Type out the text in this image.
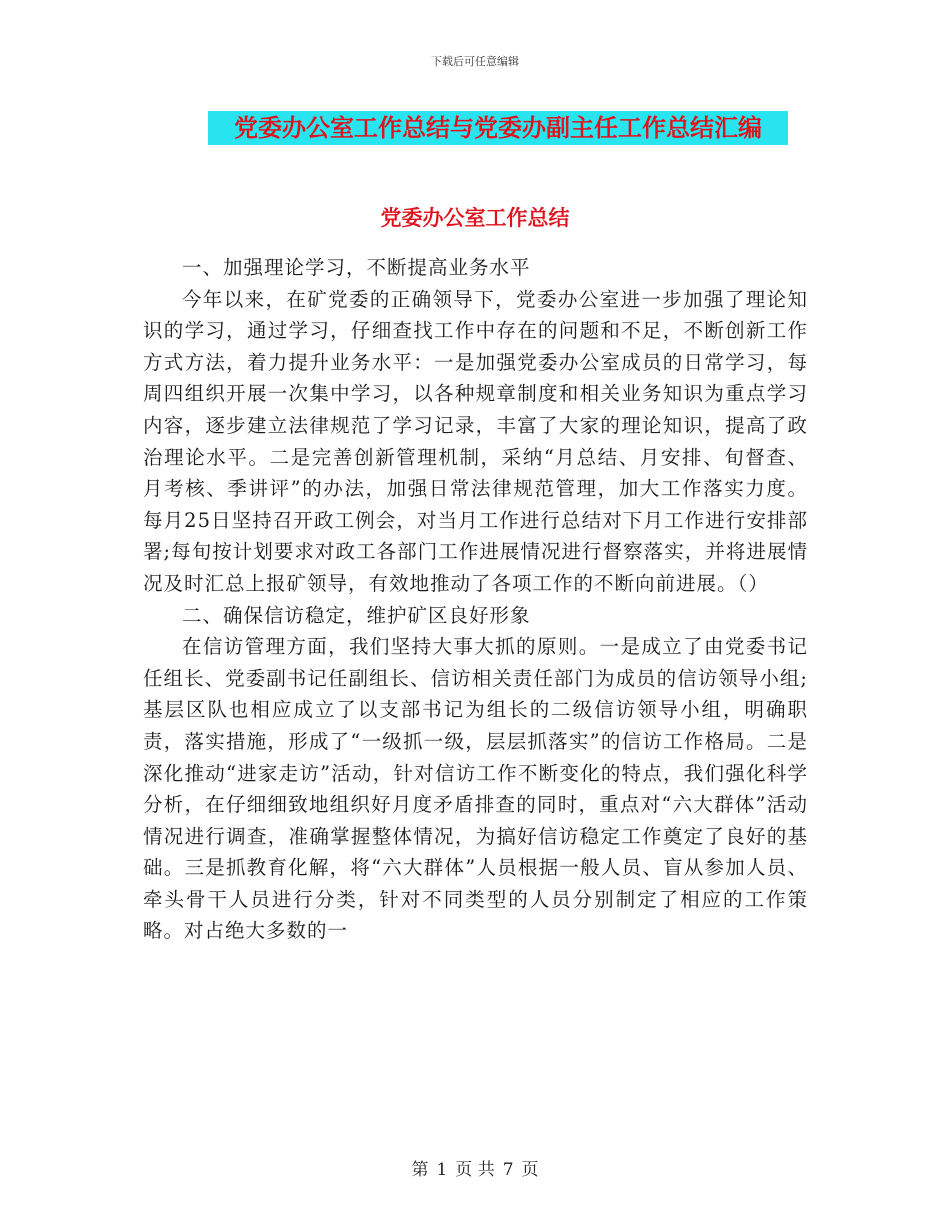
下载后可任意编辑
党委办公室工作总结与党委办副主任工作总结汇编
党委办公室工作总结

一、加强理论学习，不断提高业务水平

今年以来，在矿党委的正确领导下，党委办公室进一步加强了理论知识的学习，通过学习，仔细查找工作中存在的问题和不足，不断创新工作方式方法，着力提升业务水平：一是加强党委办公室成员的日常学习，每周四组织开展一次集中学习，以各种规章制度和相关业务知识为重点学习内容，逐步建立法律规范了学习记录，丰富了大家的理论知识，提高了政治理论水平。二是完善创新管理机制，采纳“月总结、月安排、旬督查、月考核、季讲评”的办法，加强日常法律规范管理，加大工作落实力度。每月25日坚持召开政工例会，对当月工作进行总结对下月工作进行安排部署;每旬按计划要求对政工各部门工作进展情况进行督察落实，并将进展情况及时汇总上报矿领导，有效地推动了各项工作的不断向前进展。（）

二、确保信访稳定，维护矿区良好形象

在信访管理方面，我们坚持大事大抓的原则。一是成立了由党委书记任组长、党委副书记任副组长、信访相关责任部门为成员的信访领导小组;基层区队也相应成立了以支部书记为组长的二级信访领导小组，明确职责，落实措施，形成了“一级抓一级，层层抓落实”的信访工作格局。二是深化推动“进家走访”活动，针对信访工作不断变化的特点，我们强化科学分析，在仔细细致地组织好月度矛盾排查的同时，重点对“六大群体”活动情况进行调查，准确掌握整体情况，为搞好信访稳定工作奠定了良好的基础。三是抓教育化解，将“六大群体”人员根据一般人员、盲从参加人员、牵头骨干人员进行分类，针对不同类型的人员分别制定了相应的工作策略。对占绝大多数的一

第 1 页 共 7 页
